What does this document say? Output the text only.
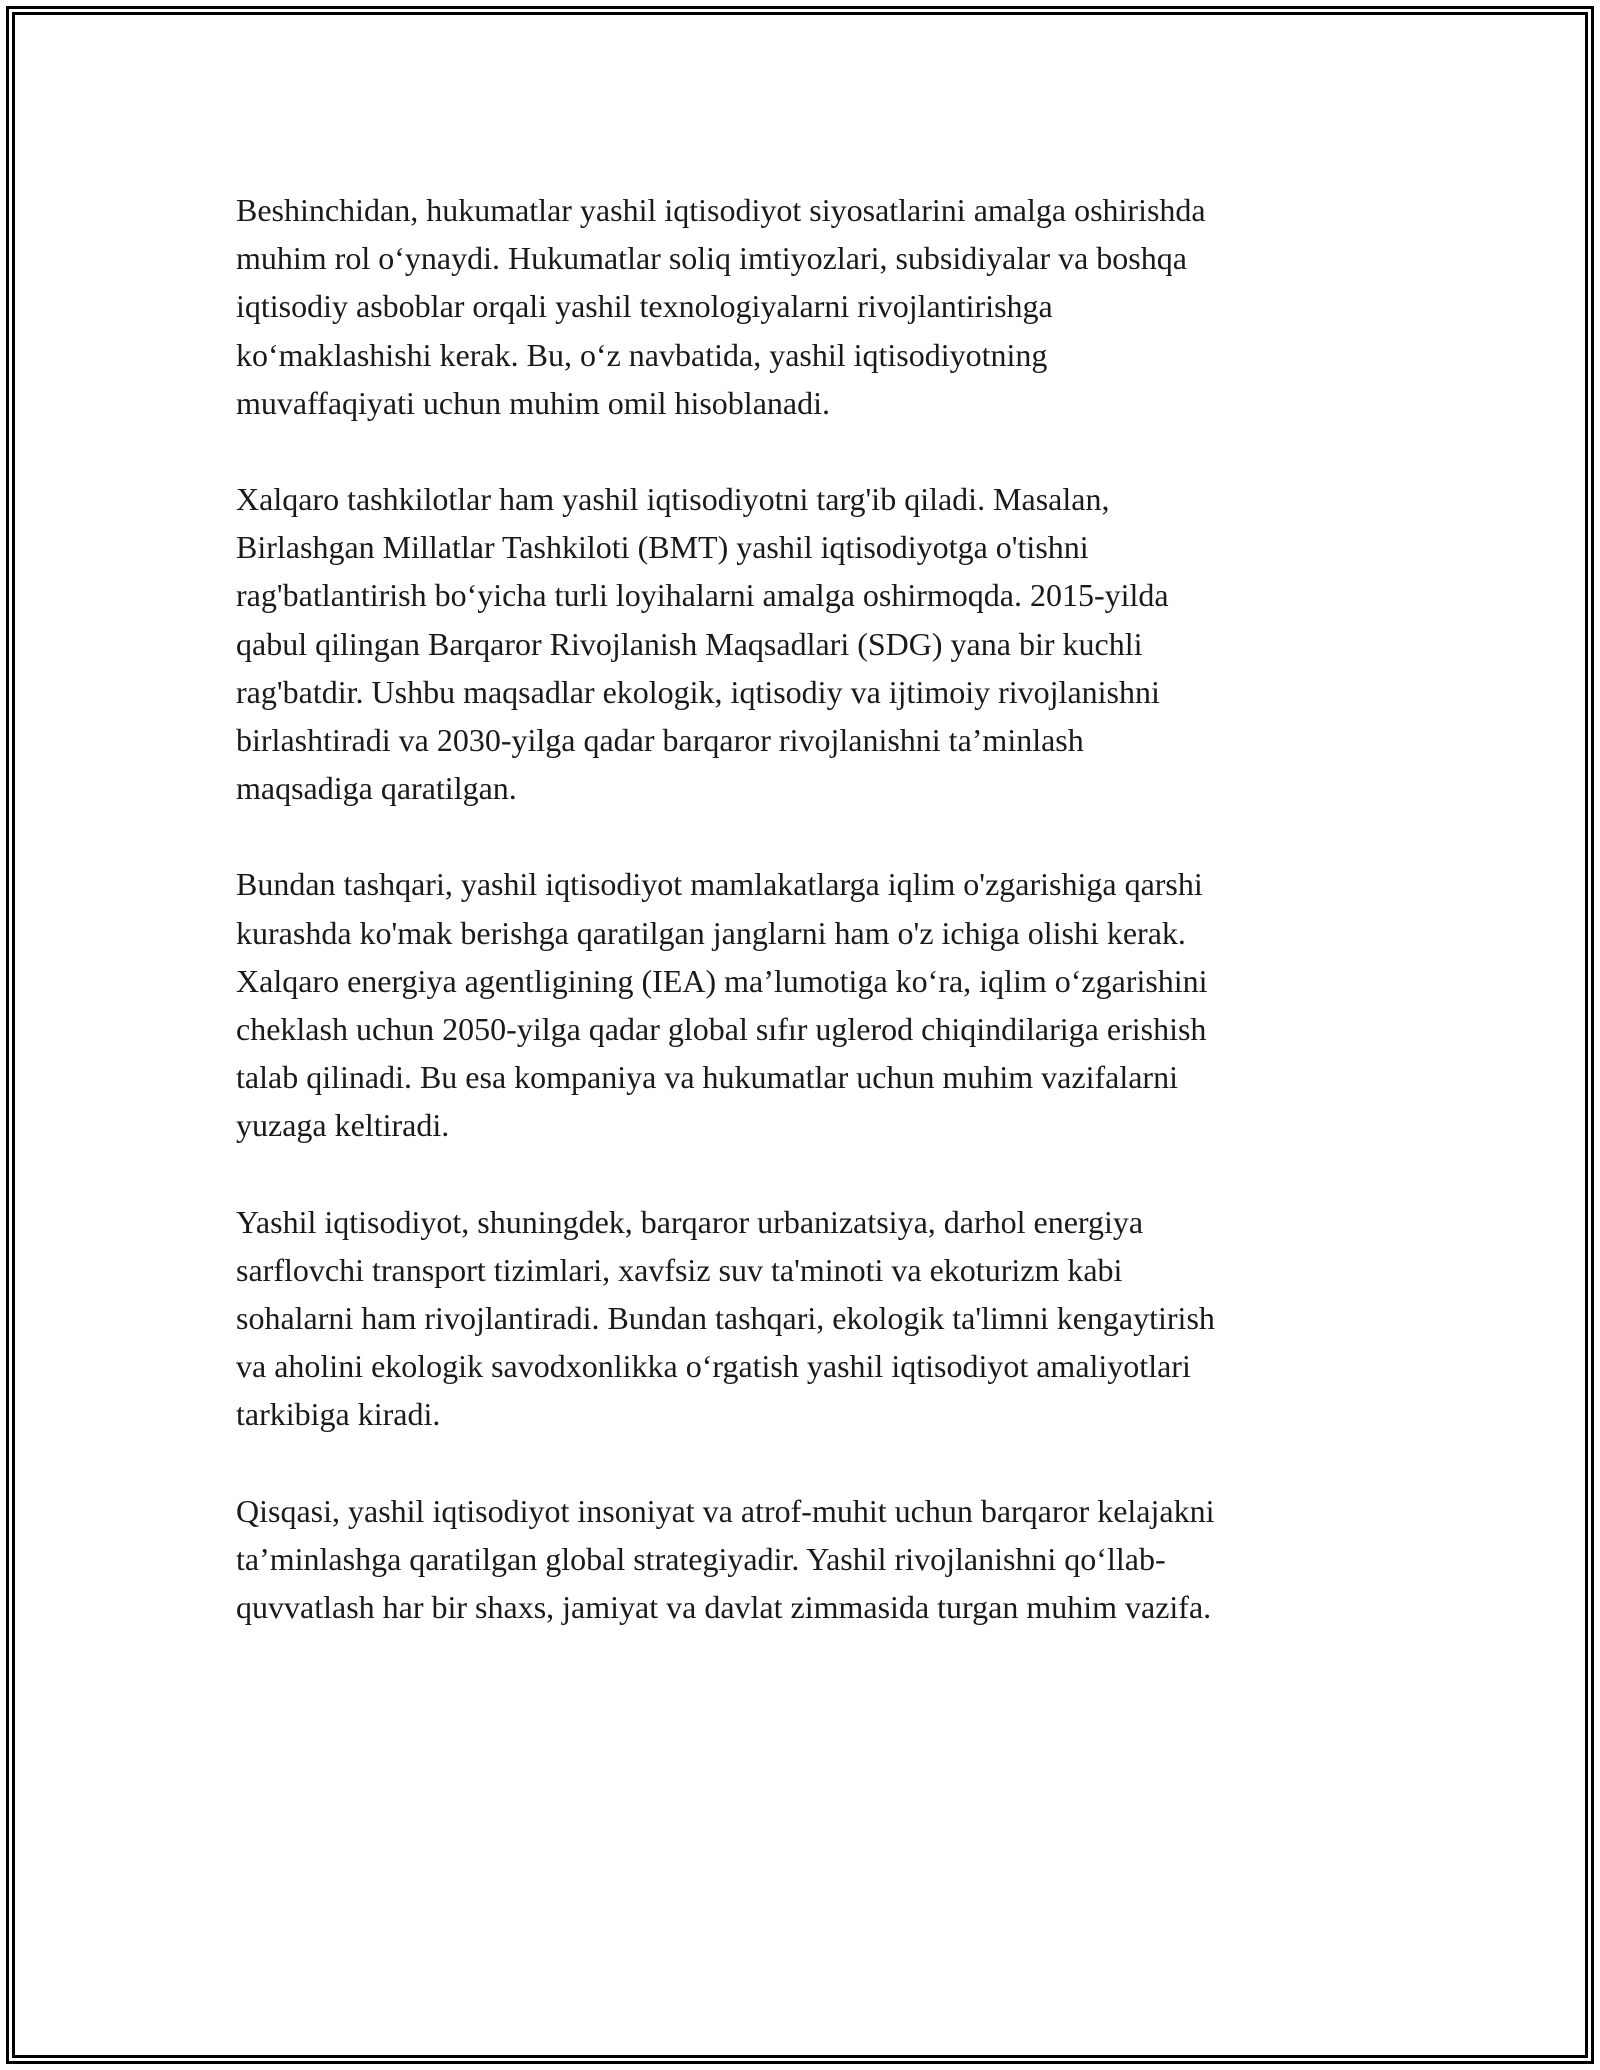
Beshinchidan, hukumatlar yashil iqtisodiyot siyosatlarini amalga oshirishda
muhim rol o‘ynaydi. Hukumatlar soliq imtiyozlari, subsidiyalar va boshqa
iqtisodiy asboblar orqali yashil texnologiyalarni rivojlantirishga
ko‘maklashishi kerak. Bu, o‘z navbatida, yashil iqtisodiyotning
muvaffaqiyati uchun muhim omil hisoblanadi.

Xalqaro tashkilotlar ham yashil iqtisodiyotni targ'ib qiladi. Masalan,
Birlashgan Millatlar Tashkiloti (BMT) yashil iqtisodiyotga o'tishni
rag'batlantirish bo‘yicha turli loyihalarni amalga oshirmoqda. 2015-yilda
qabul qilingan Barqaror Rivojlanish Maqsadlari (SDG) yana bir kuchli
rag'batdir. Ushbu maqsadlar ekologik, iqtisodiy va ijtimoiy rivojlanishni
birlashtiradi va 2030-yilga qadar barqaror rivojlanishni ta’minlash
maqsadiga qaratilgan.

Bundan tashqari, yashil iqtisodiyot mamlakatlarga iqlim o'zgarishiga qarshi
kurashda ko'mak berishga qaratilgan janglarni ham o'z ichiga olishi kerak.
Xalqaro energiya agentligining (IEA) ma’lumotiga ko‘ra, iqlim o‘zgarishini
cheklash uchun 2050-yilga qadar global sıfır uglerod chiqindilariga erishish
talab qilinadi. Bu esa kompaniya va hukumatlar uchun muhim vazifalarni
yuzaga keltiradi.

Yashil iqtisodiyot, shuningdek, barqaror urbanizatsiya, darhol energiya
sarflovchi transport tizimlari, xavfsiz suv ta'minoti va ekoturizm kabi
sohalarni ham rivojlantiradi. Bundan tashqari, ekologik ta'limni kengaytirish
va aholini ekologik savodxonlikka o‘rgatish yashil iqtisodiyot amaliyotlari
tarkibiga kiradi.

Qisqasi, yashil iqtisodiyot insoniyat va atrof-muhit uchun barqaror kelajakni
ta’minlashga qaratilgan global strategiyadir. Yashil rivojlanishni qo‘llab-
quvvatlash har bir shaxs, jamiyat va davlat zimmasida turgan muhim vazifa.
